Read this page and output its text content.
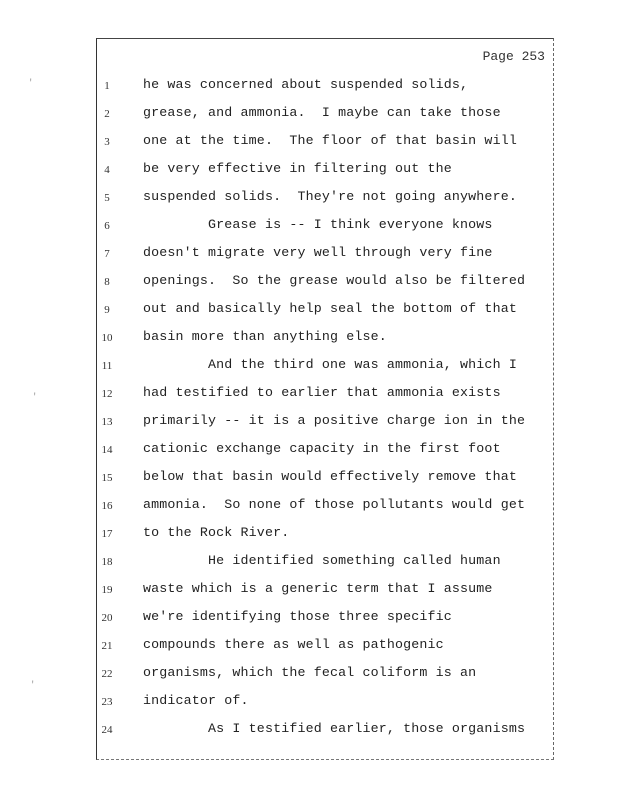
Page 253
1
2
3
4
5
6
7
8
9
10
11
12
13
14
15
16
17
18
19
20
21
22
23
24
he was concerned about suspended solids,
grease, and ammonia.  I maybe can take those
one at the time.  The floor of that basin will
be very effective in filtering out the
suspended solids.  They're not going anywhere.
Grease is -- I think everyone knows
doesn't migrate very well through very fine
openings.  So the grease would also be filtered
out and basically help seal the bottom of that
basin more than anything else.
And the third one was ammonia, which I
had testified to earlier that ammonia exists
primarily -- it is a positive charge ion in the
cationic exchange capacity in the first foot
below that basin would effectively remove that
ammonia.  So none of those pollutants would get
to the Rock River.
He identified something called human
waste which is a generic term that I assume
we're identifying those three specific
compounds there as well as pathogenic
organisms, which the fecal coliform is an
indicator of.
As I testified earlier, those organisms
'
'
'
